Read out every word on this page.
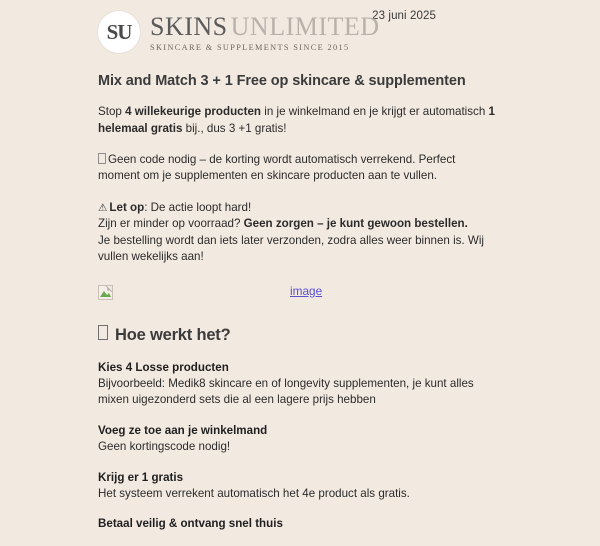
23 juni 2025
SU SKINS UNLIMITED
SKINCARE & SUPPLEMENTS SINCE 2015
Mix and Match 3 + 1 Free op skincare & supplementen

Stop 4 willekeurige producten in je winkelmand en je krijgt er automatisch 1 helemaal gratis bij., dus 3 +1 gratis!

Geen code nodig – de korting wordt automatisch verrekend. Perfect moment om je supplementen en skincare producten aan te vullen.

⚠ Let op: De actie loopt hard!

Zijn er minder op voorraad? Geen zorgen – je kunt gewoon bestellen.

Je bestelling wordt dan iets later verzonden, zodra alles weer binnen is. Wij vullen wekelijks aan!

image
Hoe werkt het?
Kies 4 Losse producten
Bijvoorbeeld: Medik8 skincare en of longevity supplementen, je kunt alles mixen uigezonderd sets die al een lagere prijs hebben
Voeg ze toe aan je winkelmand
Geen kortingscode nodig!
Krijg er 1 gratis
Het systeem verrekent automatisch het 4e product als gratis.
Betaal veilig & ontvang snel thuis
